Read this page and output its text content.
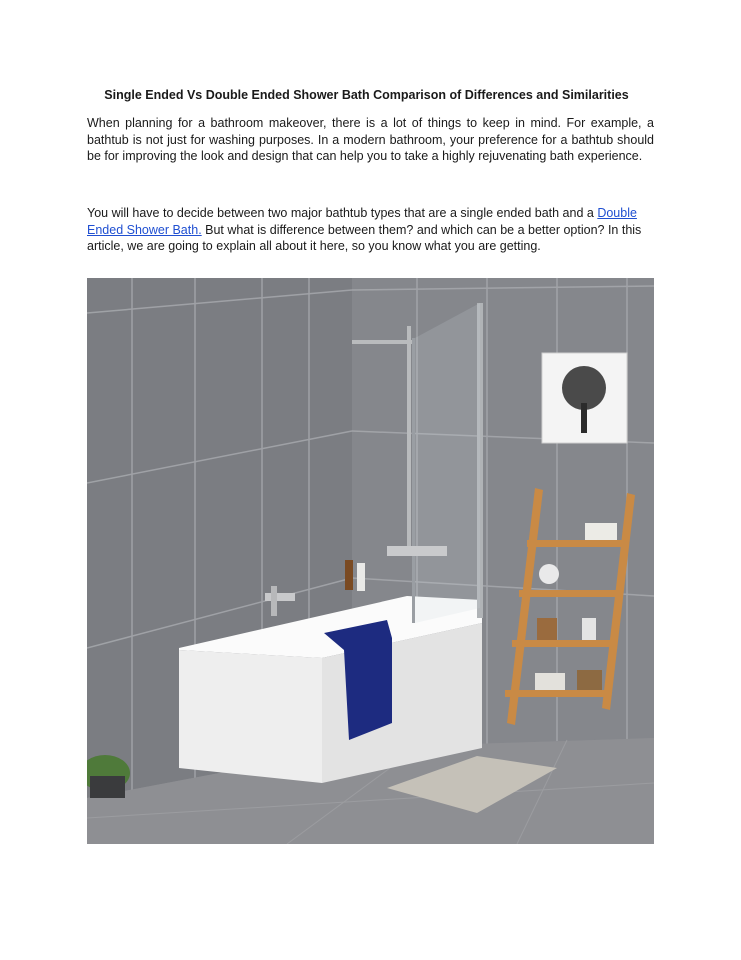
Single Ended Vs Double Ended Shower Bath Comparison of Differences and Similarities

When planning for a bathroom makeover, there is a lot of things to keep in mind. For example, a bathtub is not just for washing purposes. In a modern bathroom, your preference for a bathtub should be for improving the look and design that can help you to take a highly rejuvenating bath experience.

You will have to decide between two major bathtub types that are a single ended bath and a Double Ended Shower Bath. But what is difference between them? and which can be a better option? In this article, we are going to explain all about it here, so you know what you are getting.
